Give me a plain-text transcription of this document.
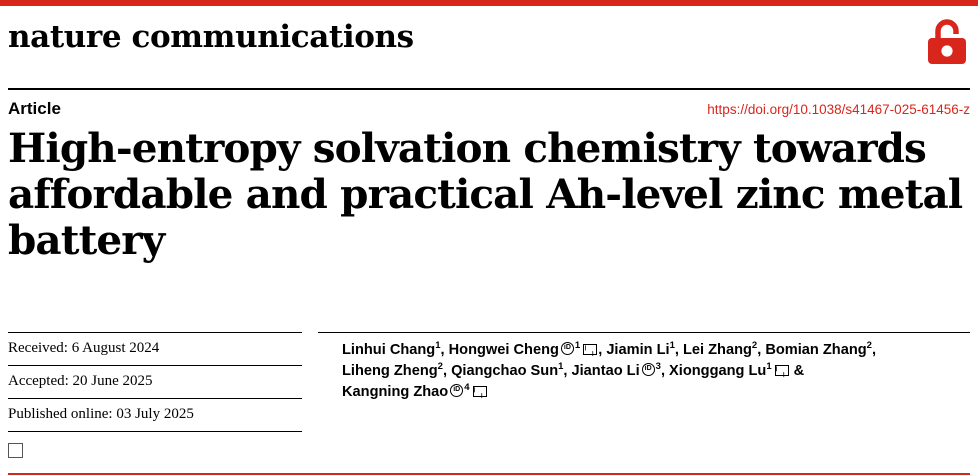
nature communications
Article	https://doi.org/10.1038/s41467-025-61456-z
High-entropy solvation chemistry towards affordable and practical Ah-level zinc metal battery
Received: 6 August 2024
Accepted: 20 June 2025
Published online: 03 July 2025
Linhui Chang$^1$, Hongwei Cheng iD $^1$ , Jiamin Li$^1$, Lei Zhang$^2$, Bomian Zhang$^2$,
Liheng Zheng$^2$, Qiangchao Sun$^1$, Jiantao Li iD $^3$, Xionggang Lu$^1$ &
Kangning Zhao iD $^4$
